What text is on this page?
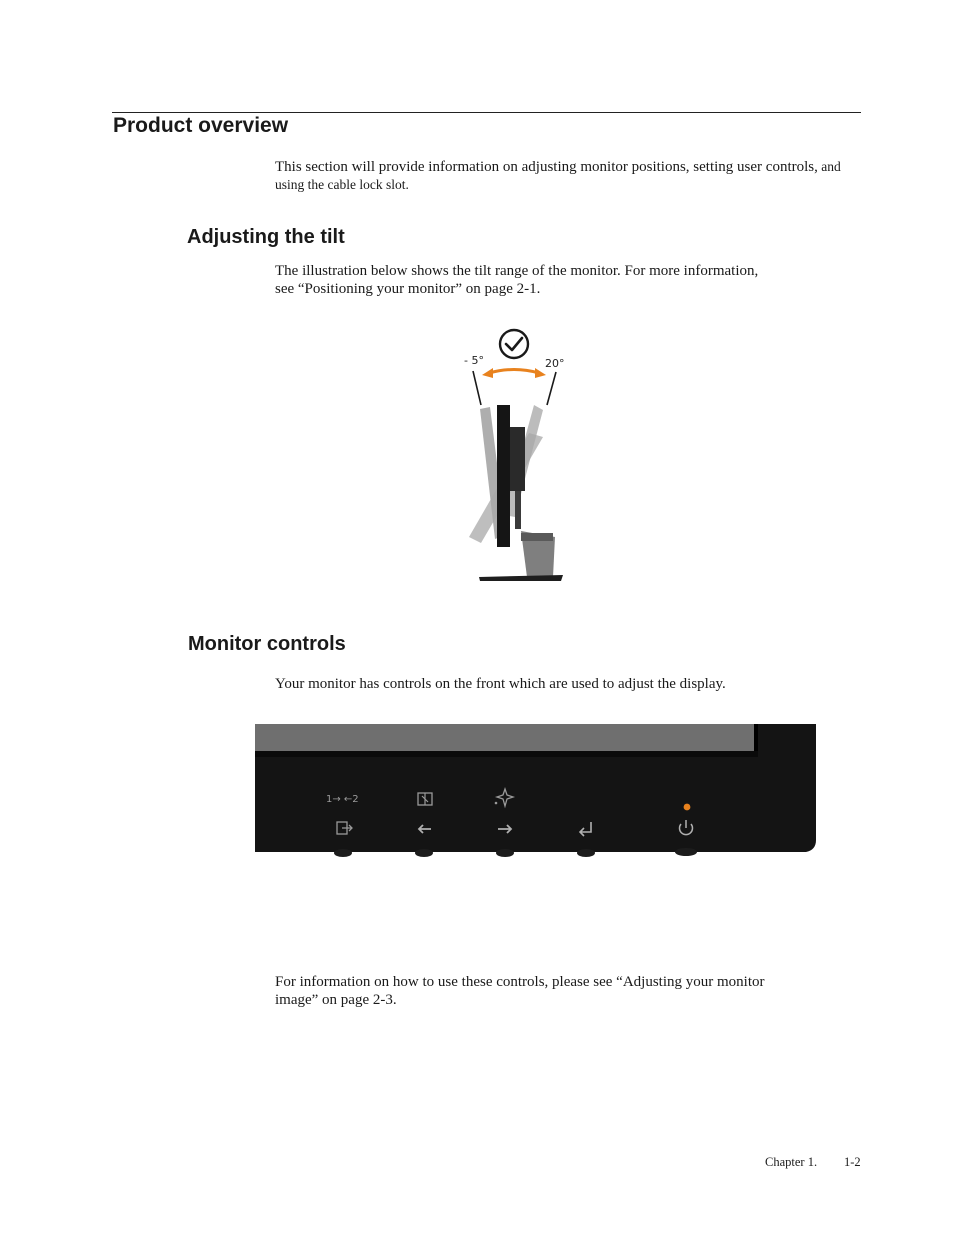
Product overview

This section will provide information on adjusting monitor positions, setting user controls, and using the cable lock slot.

Adjusting the tilt

The illustration below shows the tilt range of the monitor. For more information,
see “Positioning your monitor” on page 2-1.

- 5°	20°
Monitor controls

Your monitor has controls on the front which are used to adjust the display.

1→ ←2

For information on how to use these controls, please see “Adjusting your monitor
image” on page 2-3.

Chapter 1. 1-2
